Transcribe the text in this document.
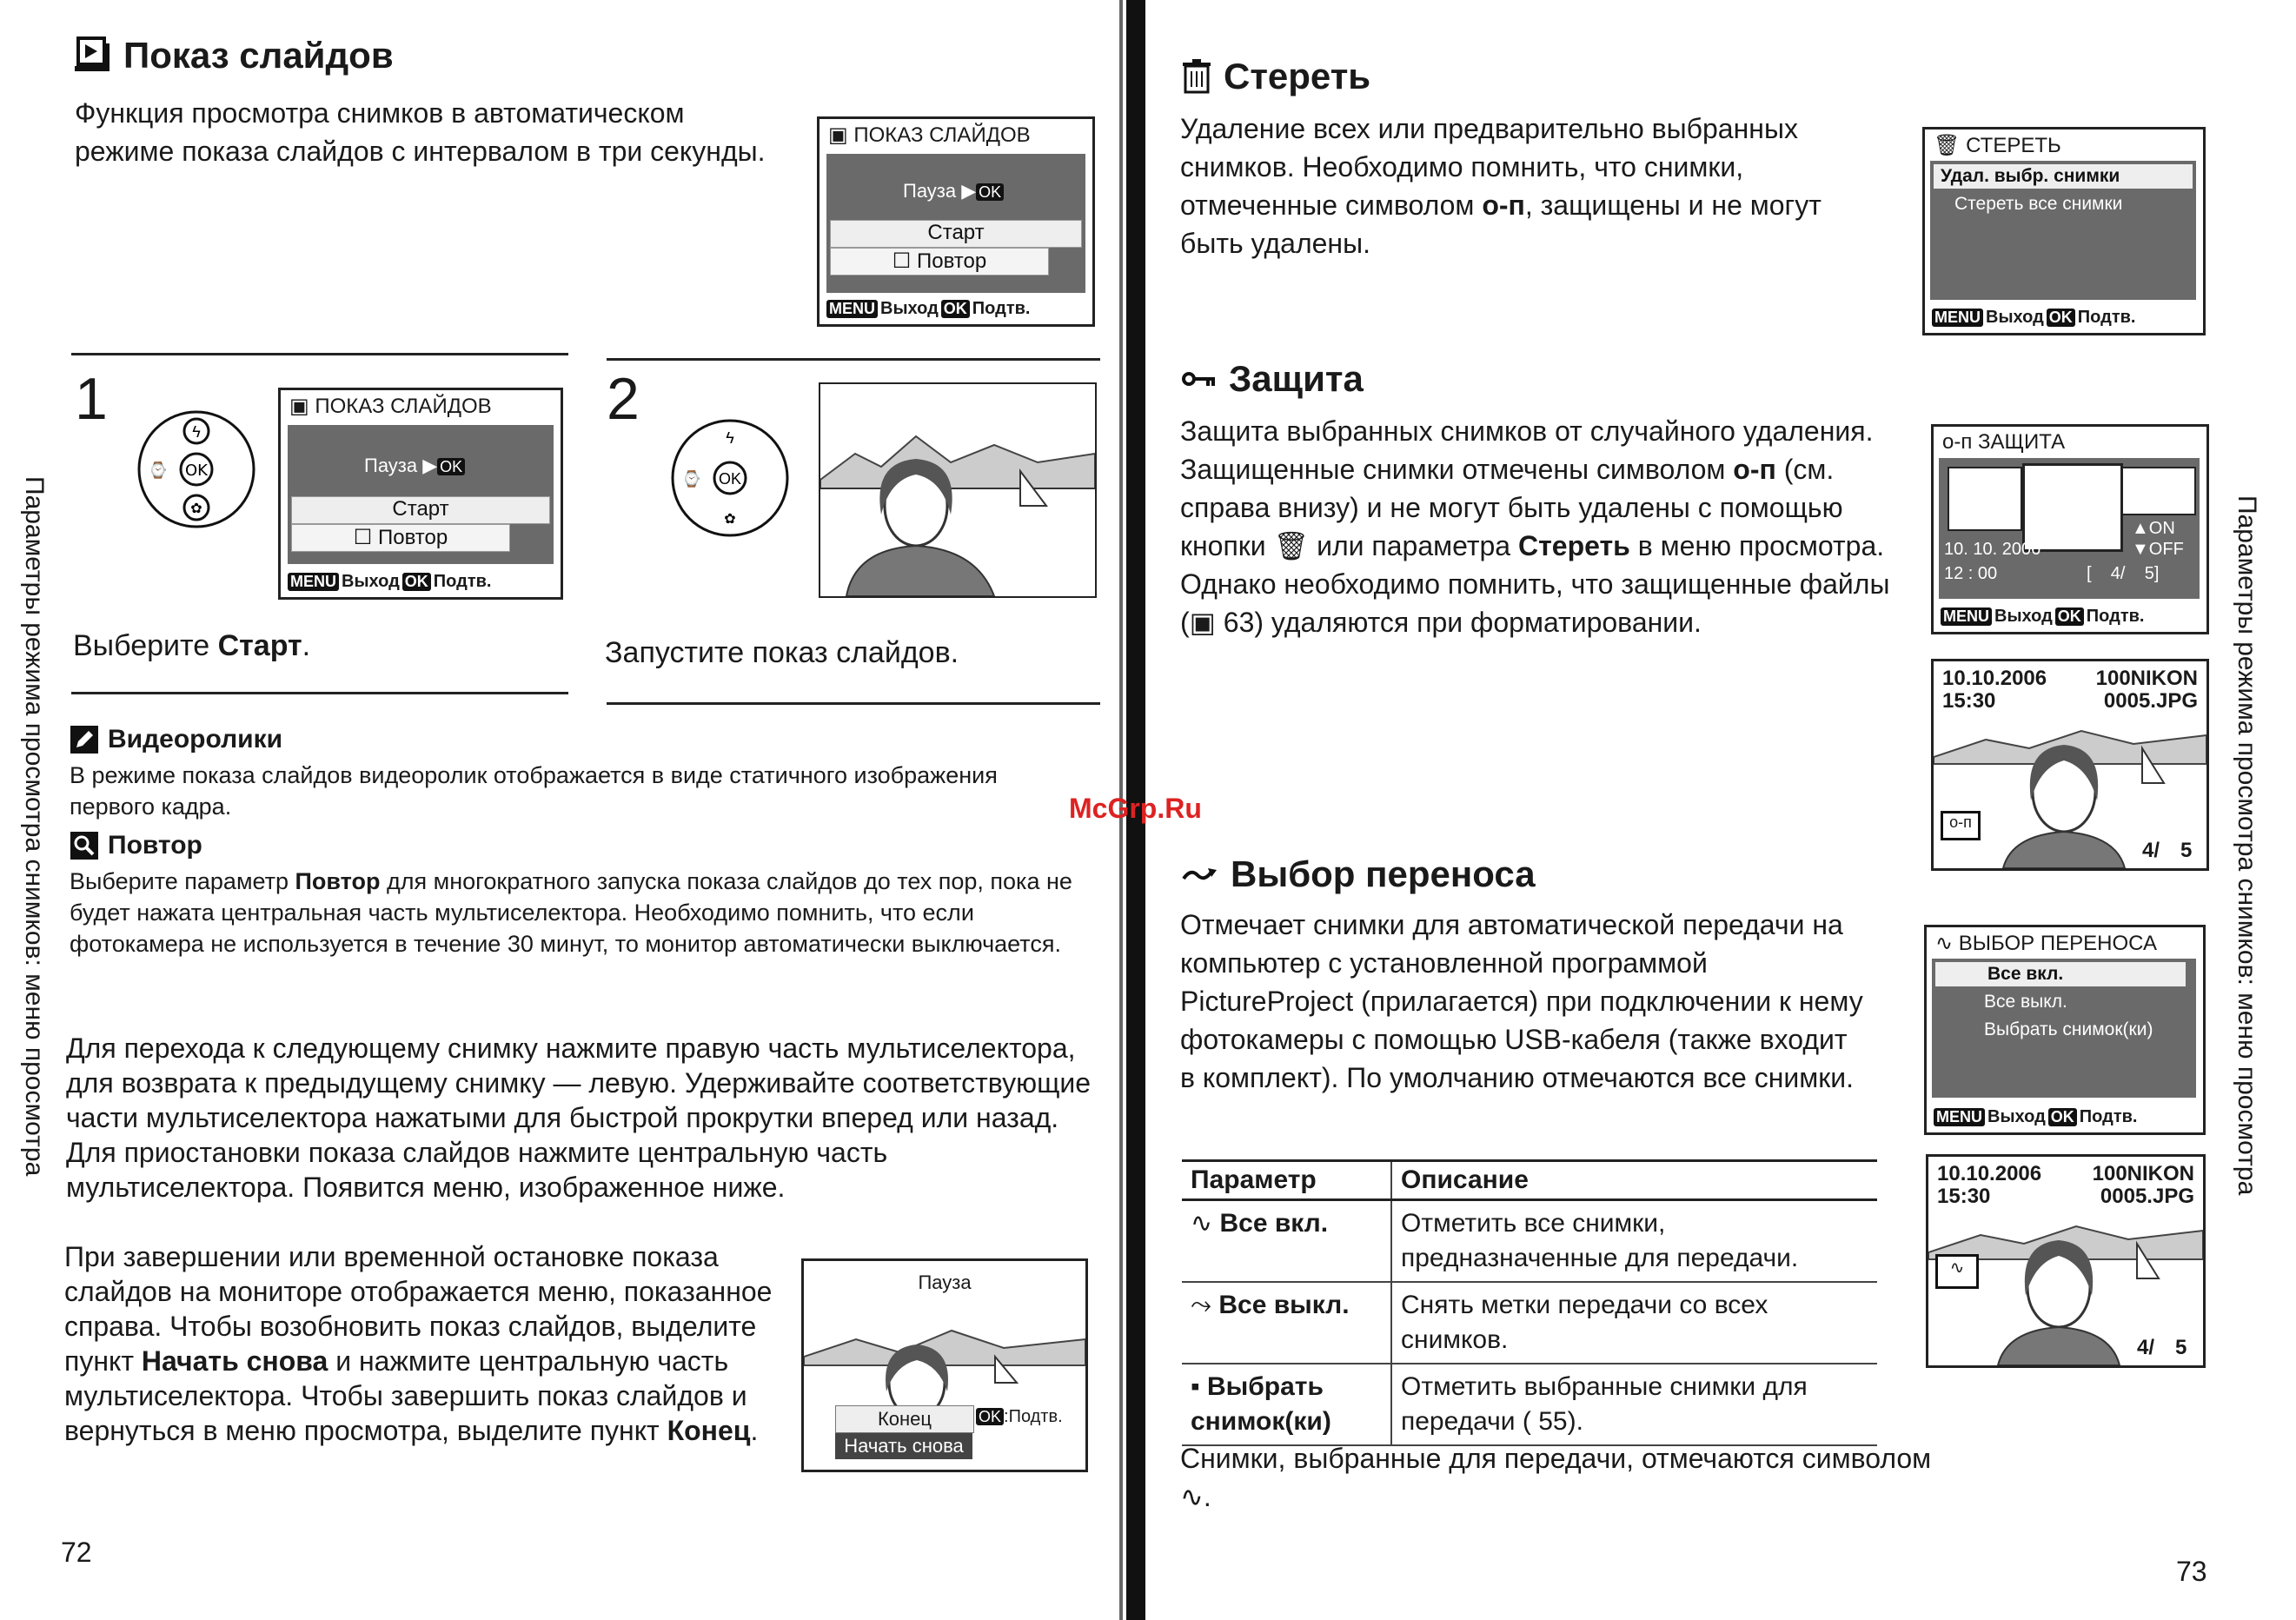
Показ слайдов

Функция просмотра снимков в автоматическом режиме показа слайдов с интервалом в три секунды.

▣ ПОКАЗ СЛАЙДОВ
Пауза ▶ OK
Старт
☐ Повтор
MENU Выход OK Подтв.
1
OK
ϟ
✿
⌚
▣ ПОКАЗ СЛАЙДОВ
Пауза ▶ OK
Старт
☐ Повтор
MENU Выход OK Подтв.
Выберите Старт.
2
OK
ϟ
✿
⌚
Запустите показ слайдов.
Видеоролики

В режиме показа слайдов видеоролик отображается в виде статичного изображения первого кадра.

Повтор

Выберите параметр Повтор для многократного запуска показа слайдов до тех пор, пока не будет нажата центральная часть мультиселектора. Необходимо помнить, что если фотокамера не используется в течение 30 минут, то монитор автоматически выключается.

Для перехода к следующему снимку нажмите правую часть мультиселектора, для возврата к предыдущему снимку — левую. Удерживайте соответствующие части мультиселектора нажатыми для быстрой прокрутки вперед или назад. Для приостановки показа слайдов нажмите центральную часть мультиселектора. Появится меню, изображенное ниже.

При завершении или временной остановке показа слайдов на мониторе отображается меню, показанное справа. Чтобы возобновить показ слайдов, выделите пункт Начать снова и нажмите центральную часть мультиселектора. Чтобы завершить показ слайдов и вернуться в меню просмотра, выделите пункт Конец.

Пауза
Конец	OK :Подтв.
Начать снова
Параметры режима просмотра снимков: меню просмотра
72
Стереть

Удаление всех или предварительно выбранных снимков. Необходимо помнить, что снимки, отмеченные символом о‑п, защищены и не могут быть удалены.

🗑 СТЕРЕТЬ
Удал. выбр. снимки
Стереть все снимки
MENU Выход OK Подтв.
Защита

Защита выбранных снимков от случайного удаления. Защищенные снимки отмечены символом о‑п (см. справа внизу) и не могут быть удалены с помощью кнопки 🗑 или параметра Стереть в меню просмотра. Однако необходимо помнить, что защищенные файлы (▣ 63) удаляются при форматировании.

о‑п ЗАЩИТА
▲ON
▼OFF
10. 10. 2006
12 : 00	[    4/    5]
MENU Выход OK Подтв.
10.10.2006
15:30
100NIKON
0005.JPG
о‑п
4/ 5
McGrp.Ru
Выбор переноса

Отмечает снимки для автоматической передачи на компьютер с установленной программой PictureProject (прилагается) при подключении к нему фотокамеры с помощью USB-кабеля (также входит в комплект). По умолчанию отмечаются все снимки.

∿ ВЫБОР ПЕРЕНОСА
Все вкл.
Все выкл.
Выбрать снимок(ки)
MENU Выход OK Подтв.
10.10.2006
15:30
100NIKON
0005.JPG
∿
4/ 5
Параметр	Описание
∿ Все вкл.	Отметить все снимки, предназначенные для передачи.
⤳ Все выкл.	Снять метки передачи со всех снимков.
▪ Выбрать снимок(ки)	Отметить выбранные снимки для передачи ( 55).

Снимки, выбранные для передачи, отмечаются символом ∿.

Параметры режима просмотра снимков: меню просмотра
73
